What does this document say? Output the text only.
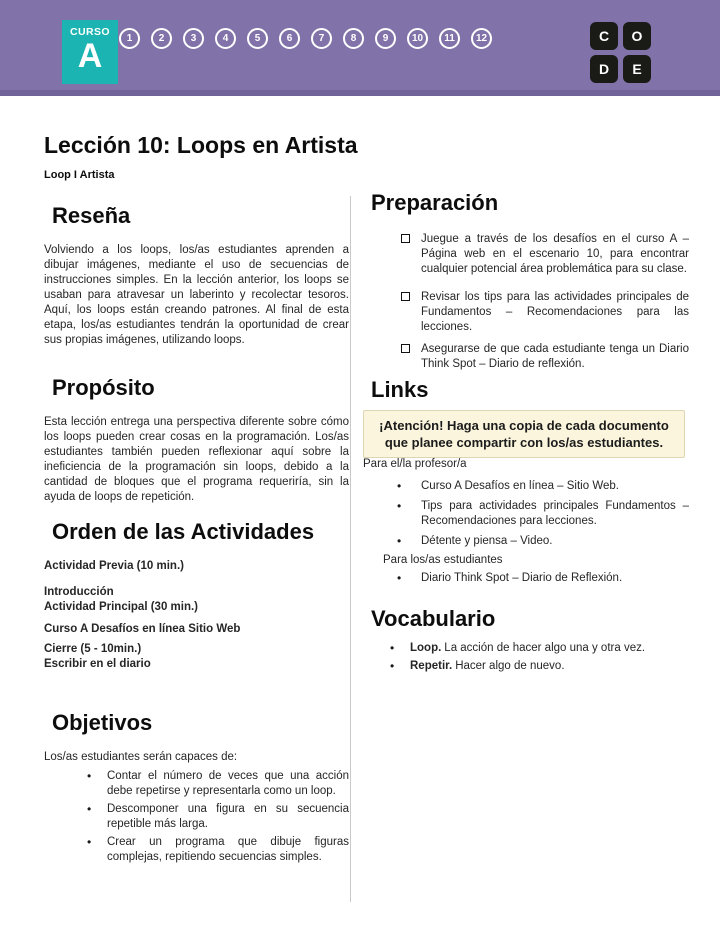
CURSO
A	1	2	3	4	5	6	7	8	9	10	11	12	C	O
D	E
Lección 10: Loops en Artista
Loop I Artista
Reseña

Volviendo a los loops, los/as estudiantes aprenden a dibujar imágenes, mediante el uso de secuencias de instrucciones simples. En la lección anterior, los loops se usaban para atravesar un laberinto y recolectar tesoros. Aquí, los loops están creando patrones. Al final de esta etapa, los/as estudiantes tendrán la oportunidad de crear sus propias imágenes, utilizando loops.

Propósito

Esta lección entrega una perspectiva diferente sobre cómo los loops pueden crear cosas en la programación. Los/as estudiantes también pueden reflexionar aquí sobre la ineficiencia de la programación sin loops, debido a la cantidad de bloques que el programa requeriría, sin la ayuda de loops de repetición.

Orden de las Actividades
Actividad Previa (10 min.)
Introducción
Actividad Principal (30 min.)
Curso A Desafíos en línea Sitio Web
Cierre (5 - 10min.)
Escribir en el diario
Objetivos

Los/as estudiantes serán capaces de:

• Contar el número de veces que una acción debe repetirse y representarla como un loop.
• Descomponer una figura en su secuencia repetible más larga.
• Crear un programa que dibuje figuras complejas, repitiendo secuencias simples.
Preparación
Juegue a través de los desafíos en el curso A – Página web en el escenario 10, para encontrar cualquier potencial área problemática para su clase.
Revisar los tips para las actividades principales de Fundamentos – Recomendaciones para las lecciones.
Asegurarse de que cada estudiante tenga un Diario Think Spot – Diario de reflexión.
Links
¡Atención! Haga una copia de cada documento que planee compartir con los/as estudiantes.

Para el/la profesor/a

• Curso A Desafíos en línea – Sitio Web.
• Tips para actividades principales Fundamentos – Recomendaciones para lecciones.
• Détente y piensa – Video.

Para los/as estudiantes

• Diario Think Spot – Diario de Reflexión.
Vocabulario
• Loop. La acción de hacer algo una y otra vez.
• Repetir. Hacer algo de nuevo.
